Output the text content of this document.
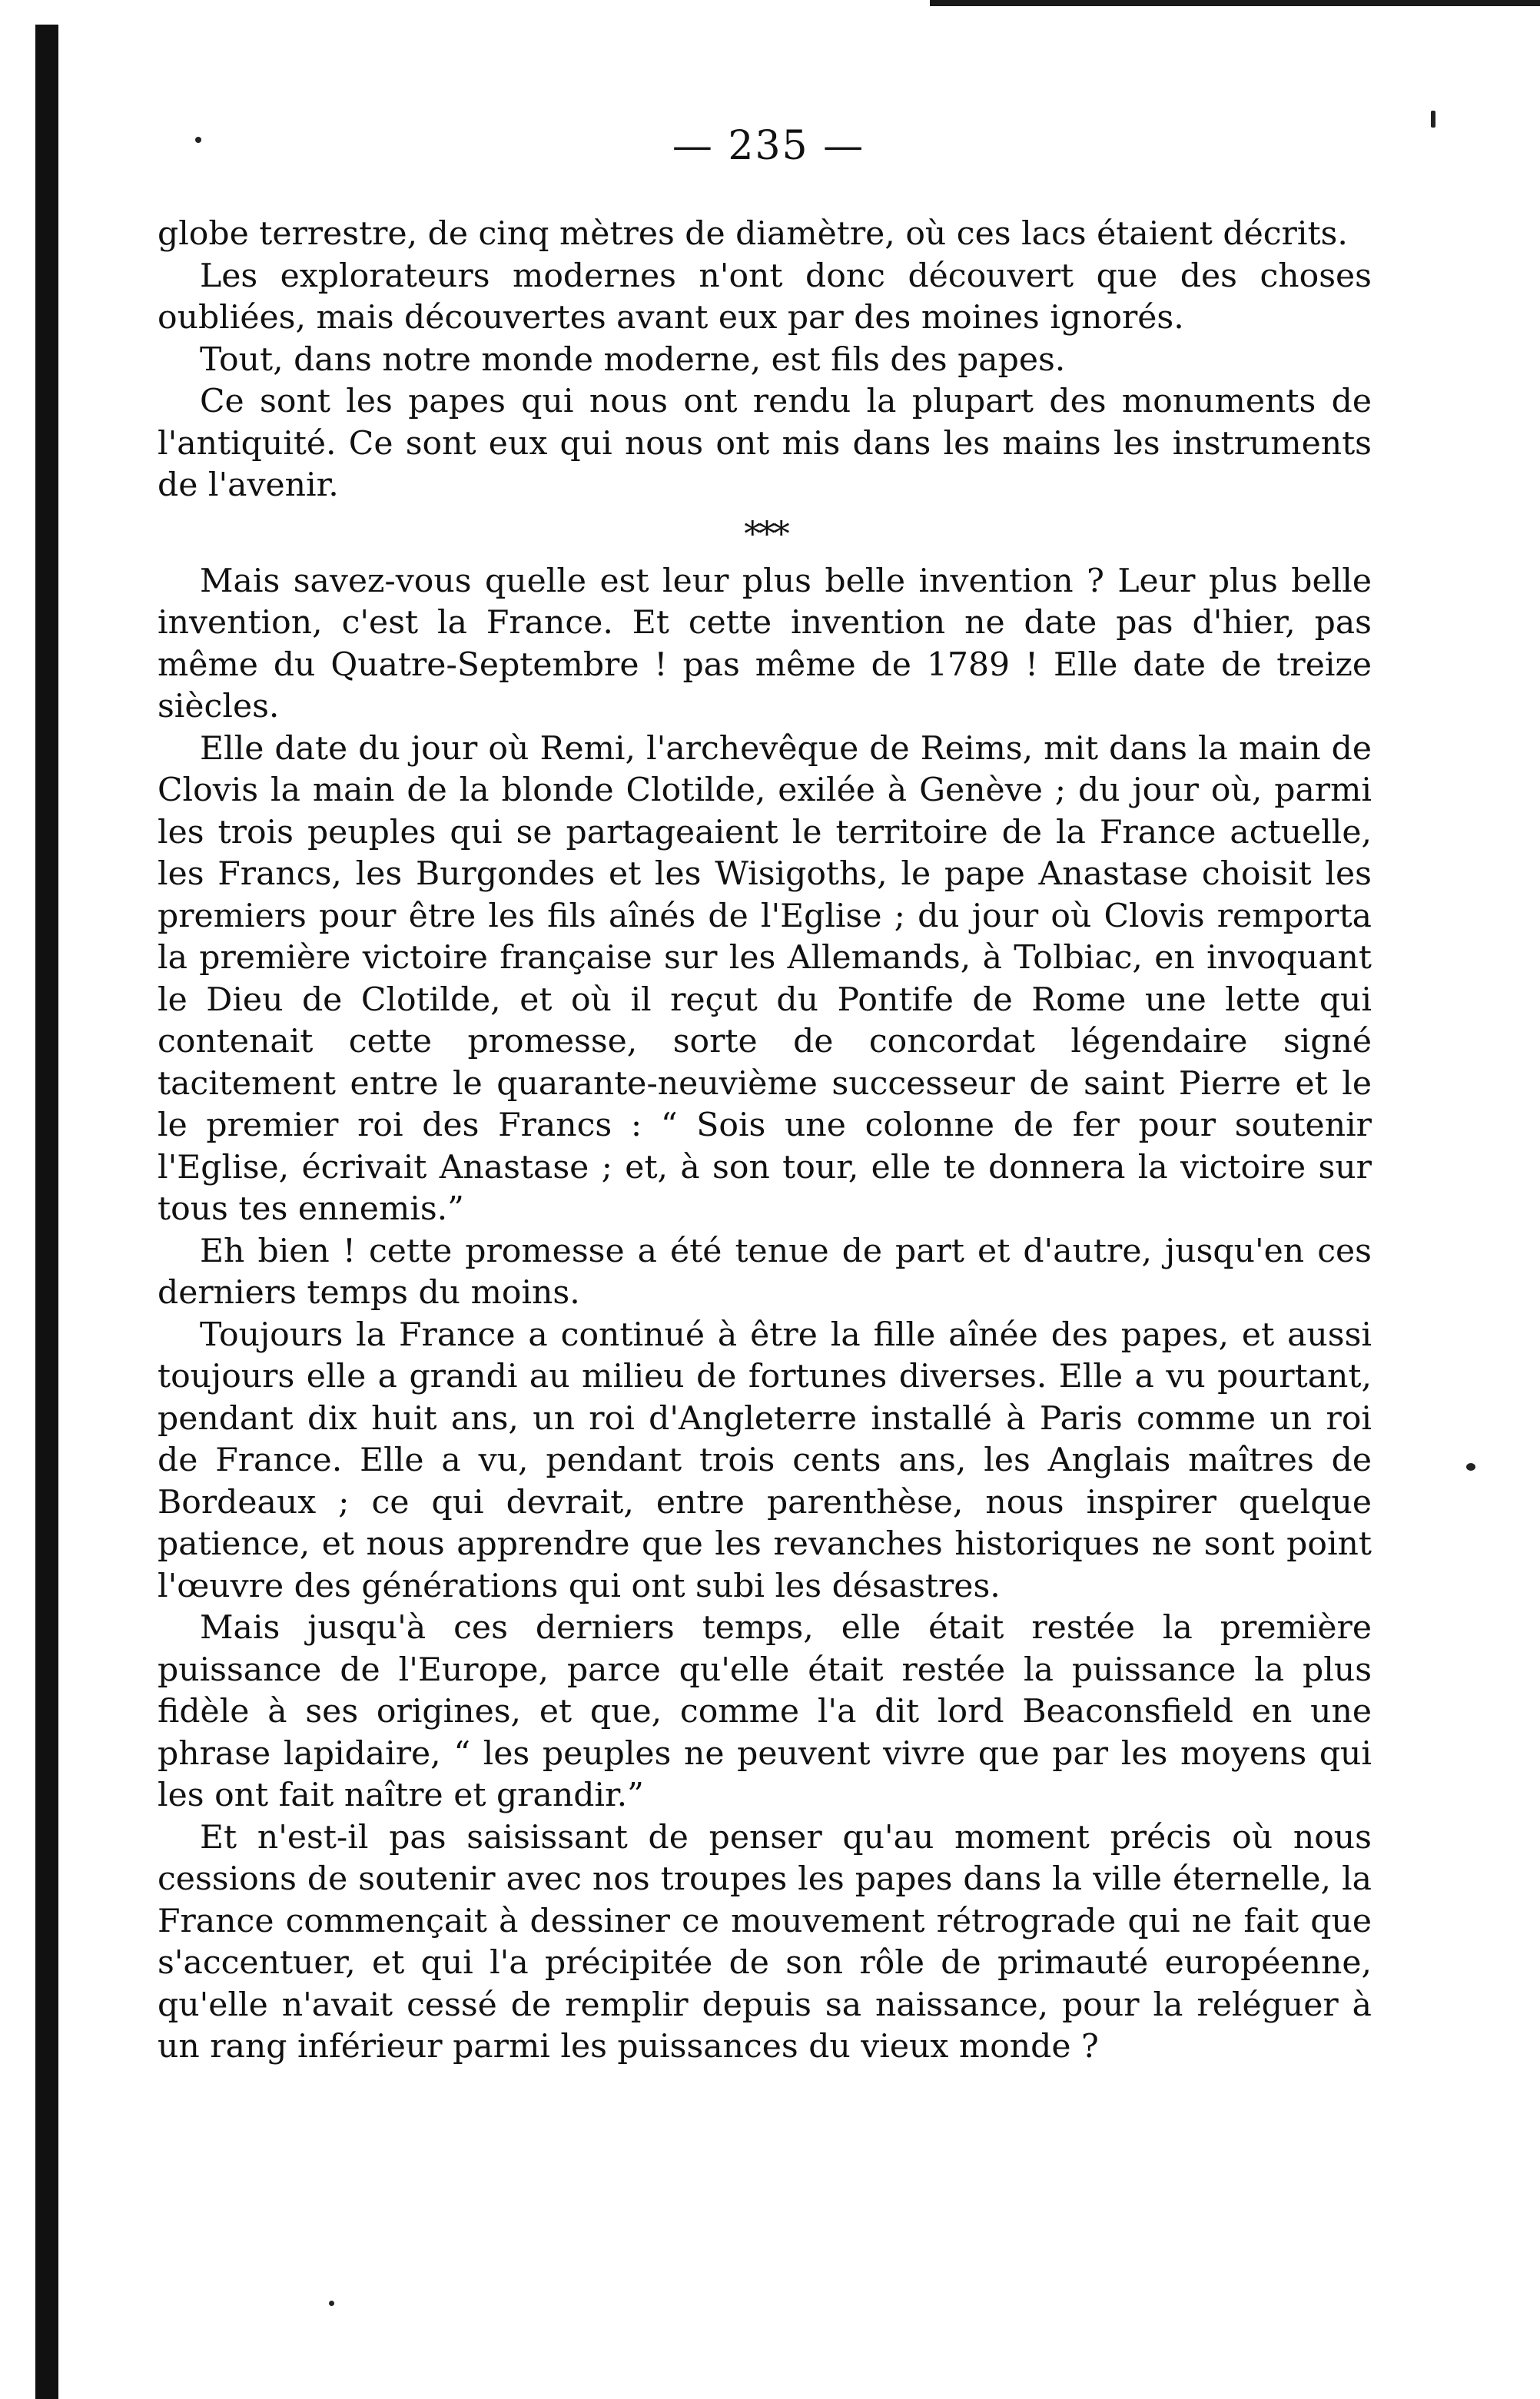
— 235 —

globe terrestre, de cinq mètres de diamètre, où ces lacs étaient décrits.

Les explorateurs modernes n'ont donc découvert que des choses oubliées, mais découvertes avant eux par des moines ignorés.

Tout, dans notre monde moderne, est fils des papes.

Ce sont les papes qui nous ont rendu la plupart des monuments de l'antiquité. Ce sont eux qui nous ont mis dans les mains les instruments de l'avenir.

* * *

Mais savez-vous quelle est leur plus belle invention ? Leur plus belle invention, c'est la France. Et cette invention ne date pas d'hier, pas même du Quatre-Septembre ! pas même de 1789 ! Elle date de treize siècles.

Elle date du jour où Remi, l'archevêque de Reims, mit dans la main de Clovis la main de la blonde Clotilde, exilée à Genève ; du jour où, parmi les trois peuples qui se partageaient le territoire de la France actuelle, les Francs, les Burgondes et les Wisigoths, le pape Anastase choisit les premiers pour être les fils aînés de l'Eglise ; du jour où Clovis remporta la première victoire française sur les Allemands, à Tolbiac, en invoquant le Dieu de Clotilde, et où il reçut du Pontife de Rome une lette qui contenait cette promesse, sorte de concordat légendaire signé tacitement entre le quarante-neuvième successeur de saint Pierre et le le premier roi des Francs : “ Sois une colonne de fer pour soutenir l'Eglise, écrivait Anastase ; et, à son tour, elle te donnera la victoire sur tous tes ennemis.”

Eh bien ! cette promesse a été tenue de part et d'autre, jusqu'en ces derniers temps du moins.

Toujours la France a continué à être la fille aînée des papes, et aussi toujours elle a grandi au milieu de fortunes diverses. Elle a vu pourtant, pendant dix huit ans, un roi d'Angleterre installé à Paris comme un roi de France. Elle a vu, pendant trois cents ans, les Anglais maîtres de Bordeaux ; ce qui devrait, entre parenthèse, nous inspirer quelque patience, et nous apprendre que les revanches historiques ne sont point l'œuvre des générations qui ont subi les désastres.

Mais jusqu'à ces derniers temps, elle était restée la première puissance de l'Europe, parce qu'elle était restée la puissance la plus fidèle à ses origines, et que, comme l'a dit lord Beaconsfield en une phrase lapidaire, “ les peuples ne peuvent vivre que par les moyens qui les ont fait naître et grandir.”

Et n'est-il pas saisissant de penser qu'au moment précis où nous cessions de soutenir avec nos troupes les papes dans la ville éternelle, la France commençait à dessiner ce mouvement rétrograde qui ne fait que s'accentuer, et qui l'a précipitée de son rôle de primauté européenne, qu'elle n'avait cessé de remplir depuis sa naissance, pour la reléguer à un rang inférieur parmi les puissances du vieux monde ?
